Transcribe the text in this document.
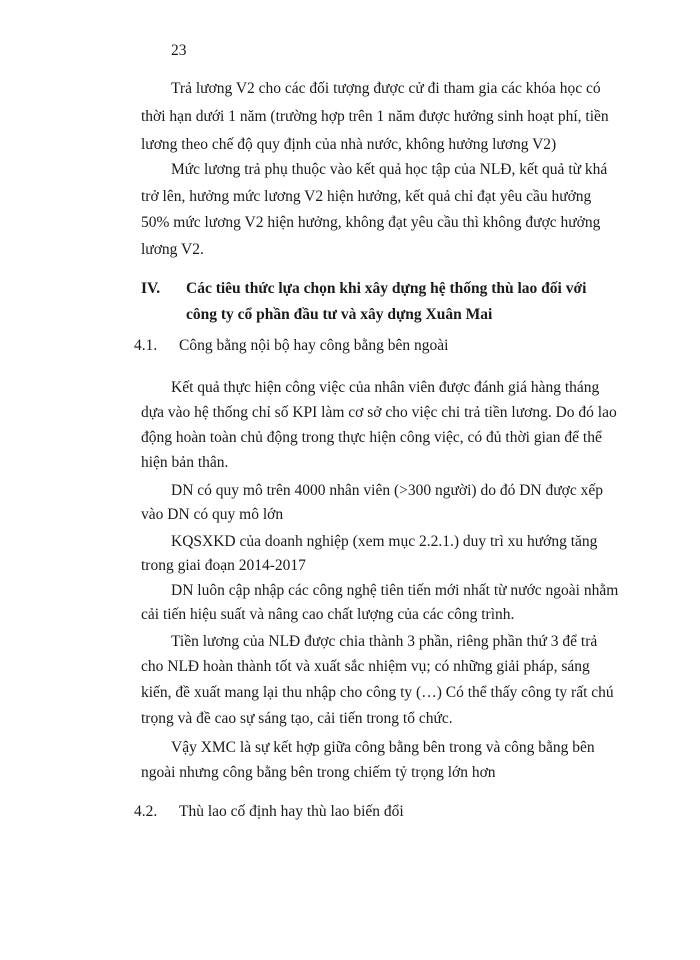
23
Trả lương V2 cho các đối tượng được cử đi tham gia các khóa học có
thời hạn dưới 1 năm (trường hợp trên 1 năm được hưởng sinh hoạt phí, tiền
lương theo chế độ quy định của nhà nước, không hưởng lương V2)
Mức lương trả phụ thuộc vào kết quả học tập của NLĐ, kết quả từ khá
trở lên, hưởng mức lương V2 hiện hưởng, kết quả chỉ đạt yêu cầu hưởng
50% mức lương V2 hiện hưởng, không đạt yêu cầu thì không được hưởng
lương V2.
IV. Các tiêu thức lựa chọn khi xây dựng hệ thống thù lao đối với
công ty cổ phần đầu tư và xây dựng Xuân Mai
4.1. Công bằng nội bộ hay công bằng bên ngoài
Kết quả thực hiện công việc của nhân viên được đánh giá hàng tháng
dựa vào hệ thống chỉ số KPI làm cơ sở cho việc chi trả tiền lương. Do đó lao
động hoàn toàn chủ động trong thực hiện công việc, có đủ thời gian để thể
hiện bản thân.
DN có quy mô trên 4000 nhân viên (>300 người) do đó DN được xếp
vào DN có quy mô lớn
KQSXKD của doanh nghiệp (xem mục 2.2.1.) duy trì xu hướng tăng
trong giai đoạn 2014-2017
DN luôn cập nhập các công nghệ tiên tiến mới nhất từ nước ngoài nhằm
cải tiến hiệu suất và nâng cao chất lượng của các công trình.
Tiền lương của NLĐ được chia thành 3 phần, riêng phần thứ 3 để trả
cho NLĐ hoàn thành tốt và xuất sắc nhiệm vụ; có những giải pháp, sáng
kiến, đề xuất mang lại thu nhập cho công ty (…) Có thể thấy công ty rất chú
trọng và đề cao sự sáng tạo, cải tiến trong tổ chức.
Vậy XMC là sự kết hợp giữa công bằng bên trong và công bằng bên
ngoài nhưng công bằng bên trong chiếm tỷ trọng lớn hơn
4.2. Thù lao cố định hay thù lao biến đổi
